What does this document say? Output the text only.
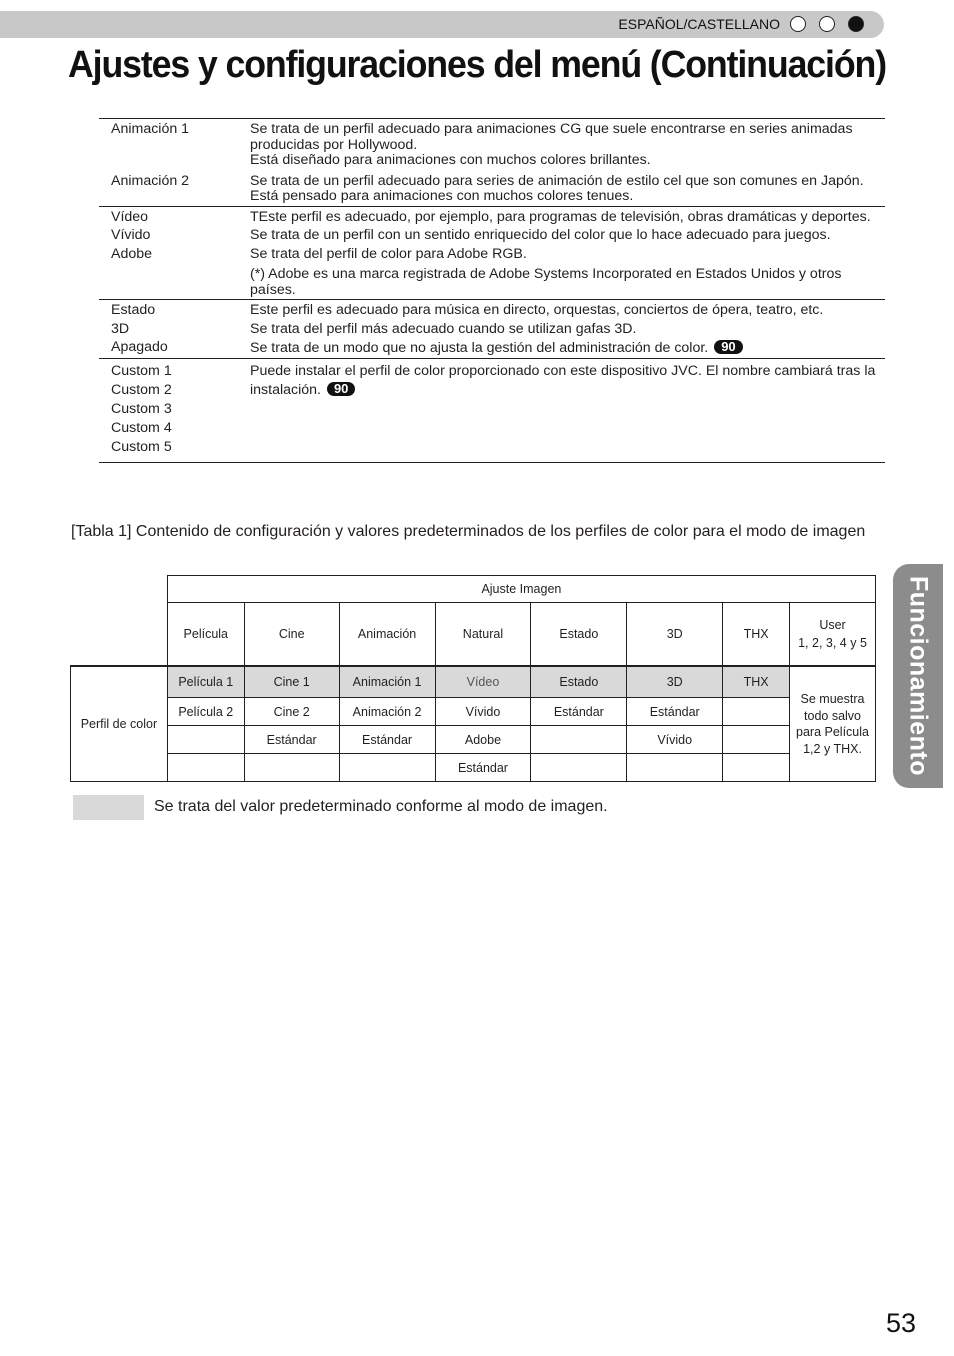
ESPAÑOL/CASTELLANO
Ajustes y configuraciones del menú (Continuación)
Animación 1	Se trata de un perfil adecuado para animaciones CG que suele encontrarse en series animadas producidas por Hollywood.
Está diseñado para animaciones con muchos colores brillantes.
Animación 2	Se trata de un perfil adecuado para series de animación de estilo cel que son comunes en Japón.
Está pensado para animaciones con muchos colores tenues.
Vídeo	TEste perfil es adecuado, por ejemplo, para programas de televisión, obras dramáticas y deportes.
Vívido	Se trata de un perfil con un sentido enriquecido del color que lo hace adecuado para juegos.
Adobe	Se trata del perfil de color para Adobe RGB.
	(*) Adobe es una marca registrada de Adobe Systems Incorporated en Estados Unidos y otros países.
Estado	Este perfil es adecuado para música en directo, orquestas, conciertos de ópera, teatro, etc.
3D	Se trata del perfil más adecuado cuando se utilizan gafas 3D.
Apagado	Se trata de un modo que no ajusta la gestión del administración de color. 90
Custom 1
Custom 2
Custom 3
Custom 4
Custom 5	Puede instalar el perfil de color proporcionado con este dispositivo JVC. El nombre cambiará tras la instalación. 90

[Tabla 1] Contenido de configuración y valores predeterminados de los perfiles de color para el modo de imagen

	Ajuste Imagen							
	Película	Cine	Animación	Natural	Estado	3D	THX	User
1, 2, 3, 4 y 5
Perfil de color	Película 1	Cine 1	Animación 1	Vídeo	Estado	3D	THX	Se muestra todo salvo para Película 1,2 y THX.
	Película 2	Cine 2	Animación 2	Vívido	Estándar	Estándar		
		Estándar	Estándar	Adobe		Vívido		
				Estándar				
Se trata del valor predeterminado conforme al modo de imagen.
Funcionamiento
53
